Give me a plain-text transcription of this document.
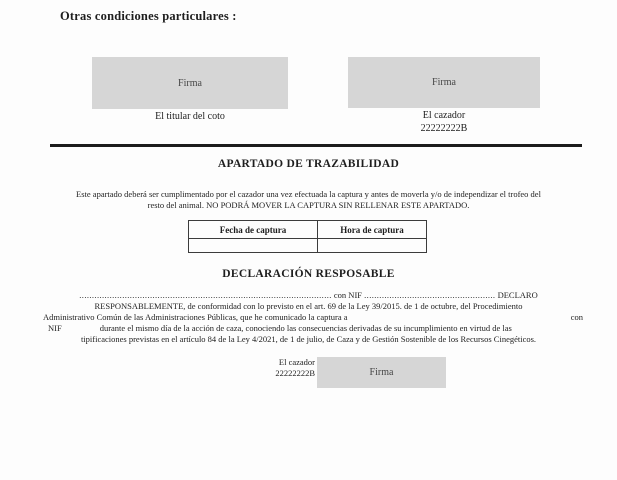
Otras condiciones particulares :
Firma
El titular del coto
Firma
El cazador
22222222B
APARTADO DE TRAZABILIDAD
Este apartado deberá ser cumplimentado por el cazador una vez efectuada la captura y antes de moverla y/o de independizar el trofeo del
resto del animal. NO PODRÁ MOVER LA CAPTURA SIN RELLENAR ESTE APARTADO.
Fecha de captura	Hora de captura

DECLARACIÓN RESPOSABLE
.................................................................................................... con NIF .................................................... DECLARO
RESPONSABLEMENTE, de conformidad con lo previsto en el art. 69 de la Ley 39/2015. de 1 de octubre, del Procedimiento
Administrativo Común de las Administraciones Públicas, que he comunicado la captura a	con
NIF	durante el mismo día de la acción de caza, conociendo las consecuencias derivadas de su incumplimiento en virtud de las
tipificaciones previstas en el artículo 84 de la Ley 4/2021, de 1 de julio, de Caza y de Gestión Sostenible de los Recursos Cinegéticos.
El cazador
22222222B	Firma
